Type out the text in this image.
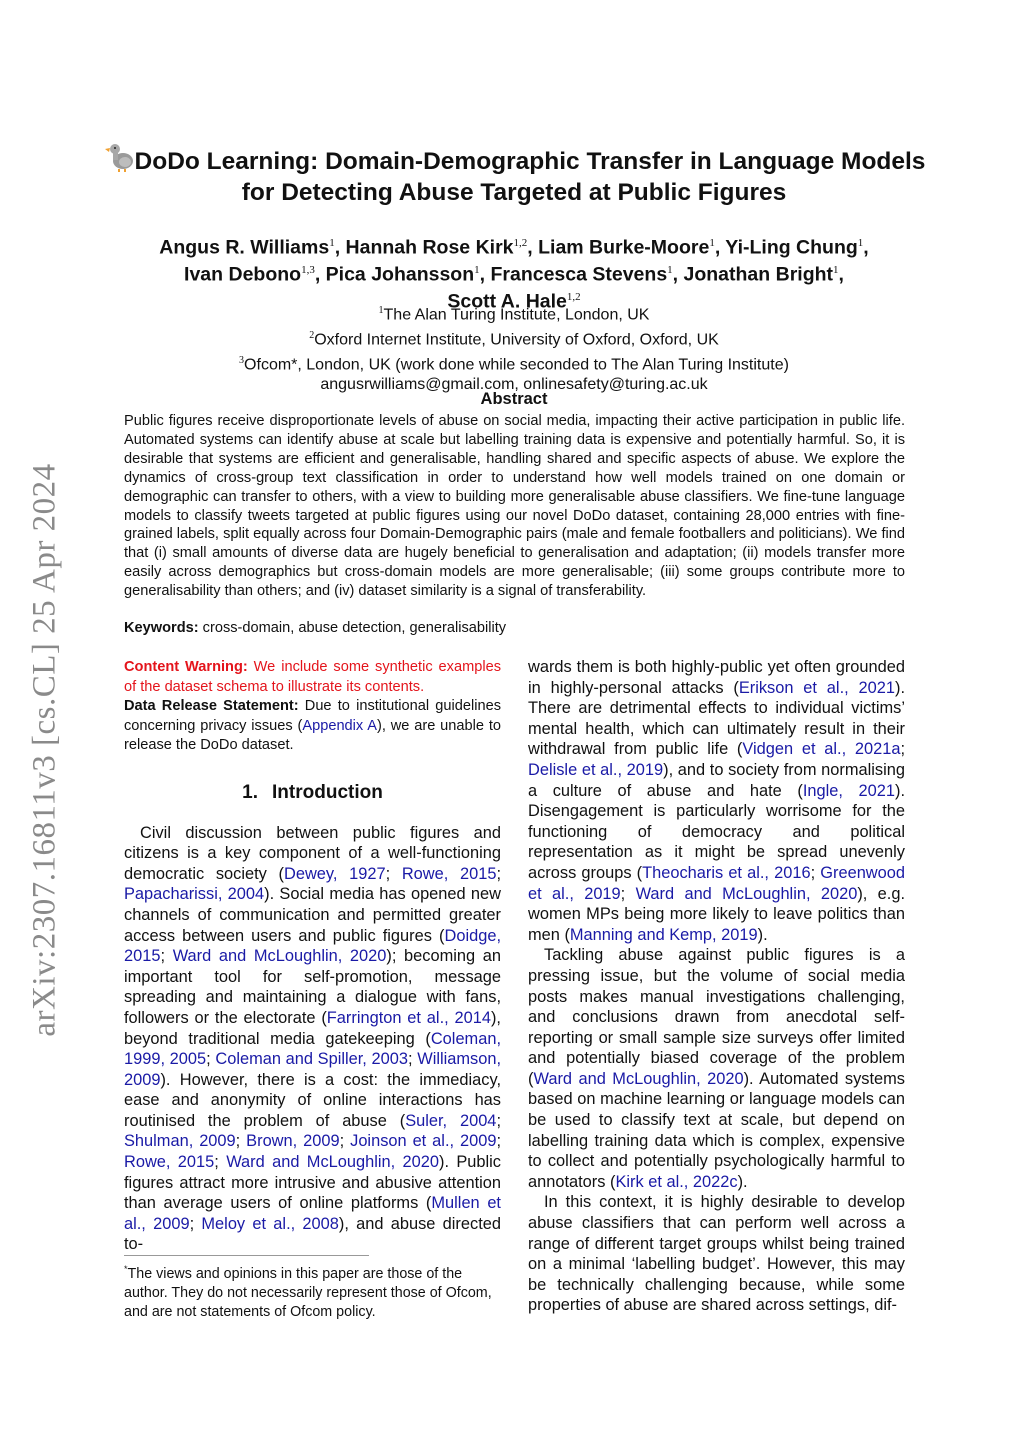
arXiv:2307.16811v3 [cs.CL] 25 Apr 2024
DoDo Learning: Domain-Demographic Transfer in Language Models for Detecting Abuse Targeted at Public Figures
Angus R. Williams$^1$, Hannah Rose Kirk$^{1,2}$, Liam Burke-Moore$^1$, Yi-Ling Chung$^1$,
Ivan Debono$^{1,3}$, Pica Johansson$^1$, Francesca Stevens$^1$, Jonathan Bright$^1$,
Scott A. Hale$^{1,2}$
$^1$The Alan Turing Institute, London, UK
$^2$Oxford Internet Institute, University of Oxford, Oxford, UK
$^3$Ofcom*, London, UK (work done while seconded to The Alan Turing Institute)
angusrwilliams@gmail.com, onlinesafety@turing.ac.uk
Abstract
Public figures receive disproportionate levels of abuse on social media, impacting their active participation in public life. Automated systems can identify abuse at scale but labelling training data is expensive and potentially harmful. So, it is desirable that systems are efficient and generalisable, handling shared and specific aspects of abuse. We explore the dynamics of cross-group text classification in order to understand how well models trained on one domain or demographic can transfer to others, with a view to building more generalisable abuse classifiers. We fine-tune language models to classify tweets targeted at public figures using our novel DoDo dataset, containing 28,000 entries with fine-grained labels, split equally across four Domain-Demographic pairs (male and female footballers and politicians). We find that (i) small amounts of diverse data are hugely beneficial to generalisation and adaptation; (ii) models transfer more easily across demographics but cross-domain models are more generalisable; (iii) some groups contribute more to generalisability than others; and (iv) dataset similarity is a signal of transferability.
Keywords: cross-domain, abuse detection, generalisability

Content Warning: We include some synthetic examples of the dataset schema to illustrate its contents.

Data Release Statement: Due to institutional guidelines concerning privacy issues (Appendix A), we are unable to release the DoDo dataset.

1. Introduction

Civil discussion between public figures and citizens is a key component of a well-functioning democratic society (Dewey, 1927; Rowe, 2015; Papacharissi, 2004). Social media has opened new channels of communication and permitted greater access between users and public figures (Doidge, 2015; Ward and McLoughlin, 2020); becoming an important tool for self-promotion, message spreading and maintaining a dialogue with fans, followers or the electorate (Farrington et al., 2014), beyond traditional media gatekeeping (Coleman, 1999, 2005; Coleman and Spiller, 2003; Williamson, 2009). However, there is a cost: the immediacy, ease and anonymity of online interactions has routinised the problem of abuse (Suler, 2004; Shulman, 2009; Brown, 2009; Joinson et al., 2009; Rowe, 2015; Ward and McLoughlin, 2020). Public figures attract more intrusive and abusive attention than average users of online platforms (Mullen et al., 2009; Meloy et al., 2008), and abuse directed to-

wards them is both highly-public yet often grounded in highly-personal attacks (Erikson et al., 2021). There are detrimental effects to individual victims’ mental health, which can ultimately result in their withdrawal from public life (Vidgen et al., 2021a; Delisle et al., 2019), and to society from normalising a culture of abuse and hate (Ingle, 2021). Disengagement is particularly worrisome for the functioning of democracy and political representation as it might be spread unevenly across groups (Theocharis et al., 2016; Greenwood et al., 2019; Ward and McLoughlin, 2020), e.g. women MPs being more likely to leave politics than men (Manning and Kemp, 2019).

Tackling abuse against public figures is a pressing issue, but the volume of social media posts makes manual investigations challenging, and conclusions drawn from anecdotal self-reporting or small sample size surveys offer limited and potentially biased coverage of the problem (Ward and McLoughlin, 2020). Automated systems based on machine learning or language models can be used to classify text at scale, but depend on labelling training data which is complex, expensive to collect and potentially psychologically harmful to annotators (Kirk et al., 2022c).

In this context, it is highly desirable to develop abuse classifiers that can perform well across a range of different target groups whilst being trained on a minimal ‘labelling budget’. However, this may be technically challenging because, while some properties of abuse are shared across settings, dif-

*The views and opinions in this paper are those of the author. They do not necessarily represent those of Ofcom, and are not statements of Ofcom policy.
